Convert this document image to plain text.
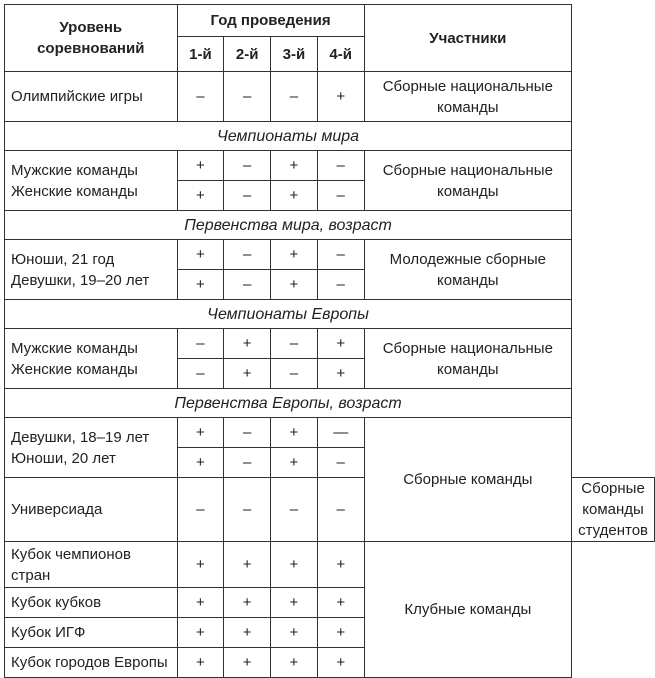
Уровень соревнований	Год проведения				Участники	
	1-й	2-й	3-й	4-й		
Олимпийские игры	–	–	–	+	Сборные национальные команды	
Чемпионаты мира						

Мужские команды
Женские команды	+	–	+	–	Сборные национальные команды	
	+	–	+	–		
Первенства мира, возраст						

Юноши, 21 год
Девушки, 19–20 лет	+	–	+	–	Молодежные сборные команды	
	+	–	+	–		
Чемпионаты Европы						

Мужские команды
Женские команды	–	+	–	+	Сборные национальные команды	
	–	+	–	+		
Первенства Европы, возраст						

Девушки, 18–19 лет
Юноши, 20 лет	+	–	+	—	Сборные команды	
	+	–	+	–		
Универсиада	–	–	–	–		Сборные команды студентов
Кубок чемпионов стран	+	+	+	+	Клубные команды	
Кубок кубков	+	+	+	+		
Кубок ИГФ	+	+	+	+		
Кубок городов Европы	+	+	+	+		
